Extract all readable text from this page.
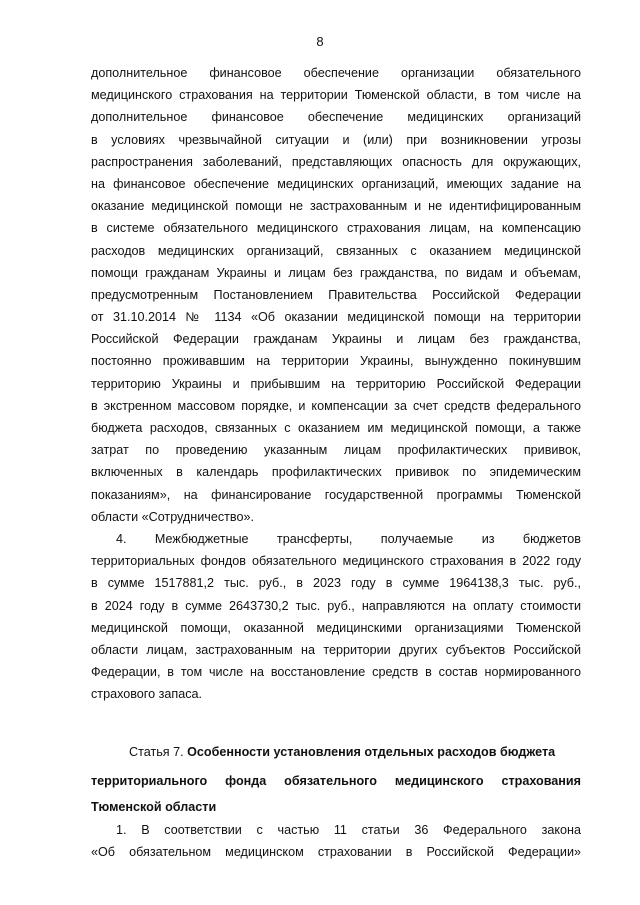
8
дополнительное финансовое обеспечение организации обязательного
медицинского страхования на территории Тюменской области, в том числе на
дополнительное финансовое обеспечение медицинских организаций
в условиях чрезвычайной ситуации и (или) при возникновении угрозы
распространения заболеваний, представляющих опасность для окружающих,
на финансовое обеспечение медицинских организаций, имеющих задание на
оказание медицинской помощи не застрахованным и не идентифицированным
в системе обязательного медицинского страхования лицам, на компенсацию
расходов медицинских организаций, связанных с оказанием медицинской
помощи гражданам Украины и лицам без гражданства, по видам и объемам,
предусмотренным Постановлением Правительства Российской Федерации
от 31.10.2014 № 1134 «Об оказании медицинской помощи на территории
Российской Федерации гражданам Украины и лицам без гражданства,
постоянно проживавшим на территории Украины, вынужденно покинувшим
территорию Украины и прибывшим на территорию Российской Федерации
в экстренном массовом порядке, и компенсации за счет средств федерального
бюджета расходов, связанных с оказанием им медицинской помощи, а также
затрат по проведению указанным лицам профилактических прививок,
включенных в календарь профилактических прививок по эпидемическим
показаниям», на финансирование государственной программы Тюменской
области «Сотрудничество».
4. Межбюджетные трансферты, получаемые из бюджетов
территориальных фондов обязательного медицинского страхования в 2022 году
в сумме 1517881,2 тыс. руб., в 2023 году в сумме 1964138,3 тыс. руб.,
в 2024 году в сумме 2643730,2 тыс. руб., направляются на оплату стоимости
медицинской помощи, оказанной медицинскими организациями Тюменской
области лицам, застрахованным на территории других субъектов Российской
Федерации, в том числе на восстановление средств в состав нормированного
страхового запаса.
Статья 7. Особенности установления отдельных расходов бюджета
территориального фонда обязательного медицинского страхования
Тюменской области
1. В соответствии с частью 11 статьи 36 Федерального закона
«Об обязательном медицинском страховании в Российской Федерации»
